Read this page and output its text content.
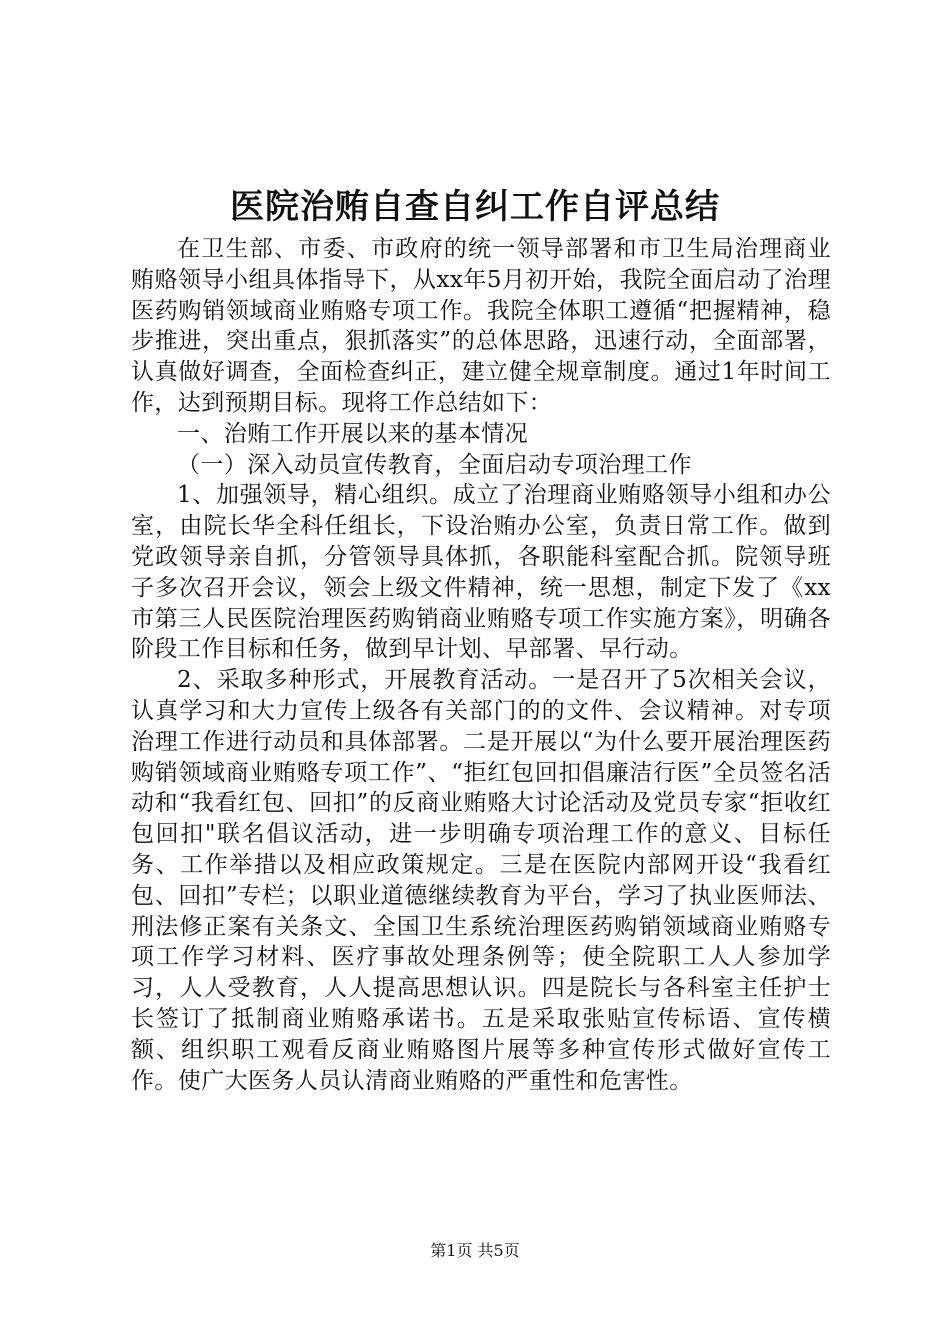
医院治贿自查自纠工作自评总结

在卫生部、市委、市政府的统一领导部署和市卫生局治理商业贿赂领导小组具体指导下，从xx年5月初开始，我院全面启动了治理医药购销领域商业贿赂专项工作。我院全体职工遵循“把握精神，稳步推进，突出重点，狠抓落实”的总体思路，迅速行动，全面部署，认真做好调查，全面检查纠正，建立健全规章制度。通过1年时间工作，达到预期目标。现将工作总结如下：

一、治贿工作开展以来的基本情况

（一）深入动员宣传教育，全面启动专项治理工作

1、加强领导，精心组织。成立了治理商业贿赂领导小组和办公室，由院长华全科任组长，下设治贿办公室，负责日常工作。做到党政领导亲自抓，分管领导具体抓，各职能科室配合抓。院领导班子多次召开会议，领会上级文件精神，统一思想，制定下发了《xx市第三人民医院治理医药购销商业贿赂专项工作实施方案》，明确各阶段工作目标和任务，做到早计划、早部署、早行动。

2、采取多种形式，开展教育活动。一是召开了5次相关会议，认真学习和大力宣传上级各有关部门的的文件、会议精神。对专项治理工作进行动员和具体部署。二是开展以“为什么要开展治理医药购销领域商业贿赂专项工作”、“拒红包回扣倡廉洁行医”全员签名活动和“我看红包、回扣”的反商业贿赂大讨论活动及党员专家“拒收红包回扣"联名倡议活动，进一步明确专项治理工作的意义、目标任务、工作举措以及相应政策规定。三是在医院内部网开设“我看红包、回扣”专栏；以职业道德继续教育为平台，学习了执业医师法、刑法修正案有关条文、全国卫生系统治理医药购销领域商业贿赂专项工作学习材料、医疗事故处理条例等；使全院职工人人参加学习，人人受教育，人人提高思想认识。四是院长与各科室主任护士长签订了抵制商业贿赂承诺书。五是采取张贴宣传标语、宣传横额、组织职工观看反商业贿赂图片展等多种宣传形式做好宣传工作。使广大医务人员认清商业贿赂的严重性和危害性。

第1页 共5页
